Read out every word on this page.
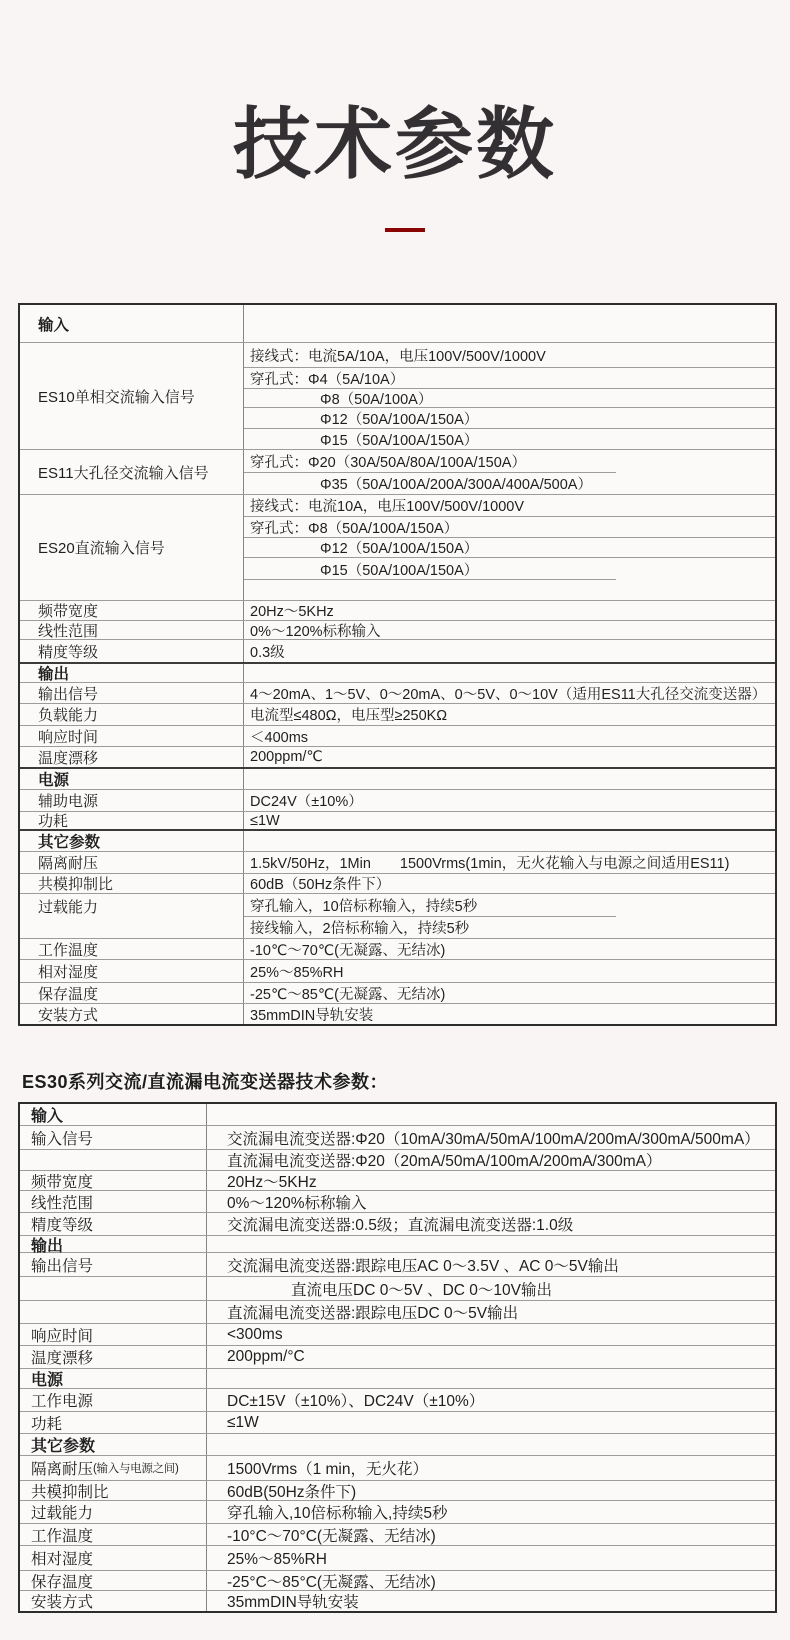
技术参数
输入
ES10单相交流输入信号
接线式：电流5A/10A，电压100V/500V/1000V
穿孔式：Φ4（5A/10A）
Φ8（50A/100A）
Φ12（50A/100A/150A）
Φ15（50A/100A/150A）
ES11大孔径交流输入信号
穿孔式：Φ20（30A/50A/80A/100A/150A）
Φ35（50A/100A/200A/300A/400A/500A）
ES20直流输入信号
接线式：电流10A，电压100V/500V/1000V
穿孔式：Φ8（50A/100A/150A）
Φ12（50A/100A/150A）
Φ15（50A/100A/150A）
频带宽度	20Hz～5KHz
线性范围	0%～120%标称输入
精度等级	0.3级
输出
输出信号	4～20mA、1～5V、0～20mA、0～5V、0～10V（适用ES11大孔径交流变送器）
负载能力	电流型≤480Ω，电压型≥250KΩ
响应时间	＜400ms
温度漂移	200ppm/℃
电源
辅助电源	DC24V（±10%）
功耗	≤1W
其它参数
隔离耐压	1.5kV/50Hz，1Min　　1500Vrms(1min，无火花输入与电源之间适用ES11)
共模抑制比	60dB（50Hz条件下）
过载能力	穿孔输入，10倍标称输入，持续5秒
接线输入，2倍标称输入，持续5秒
工作温度	-10℃～70℃(无凝露、无结冰)
相对湿度	25%～85%RH
保存温度	-25℃～85℃(无凝露、无结冰)
安装方式	35mmDIN导轨安装
ES30系列交流/直流漏电流变送器技术参数：
输入
输入信号	交流漏电流变送器:Φ20（10mA/30mA/50mA/100mA/200mA/300mA/500mA）
直流漏电流变送器:Φ20（20mA/50mA/100mA/200mA/300mA）
频带宽度	20Hz～5KHz
线性范围	0%～120%标称输入
精度等级	交流漏电流变送器:0.5级；直流漏电流变送器:1.0级
输出
输出信号	交流漏电流变送器:跟踪电压AC 0～3.5V 、AC 0～5V输出
直流电压DC 0～5V 、DC 0～10V输出
直流漏电流变送器:跟踪电压DC 0～5V输出
响应时间	<300ms
温度漂移	200ppm/°C
电源
工作电源	DC±15V（±10%）、DC24V（±10%）
功耗	≤1W
其它参数
隔离耐压 (输入与电源之间)	1500Vrms（1 min，无火花）
共模抑制比	60dB(50Hz条件下)
过载能力	穿孔输入,10倍标称输入,持续5秒
工作温度	-10°C～70°C(无凝露、无结冰)
相对湿度	25%～85%RH
保存温度	-25°C～85°C(无凝露、无结冰)
安装方式	35mmDIN导轨安装
